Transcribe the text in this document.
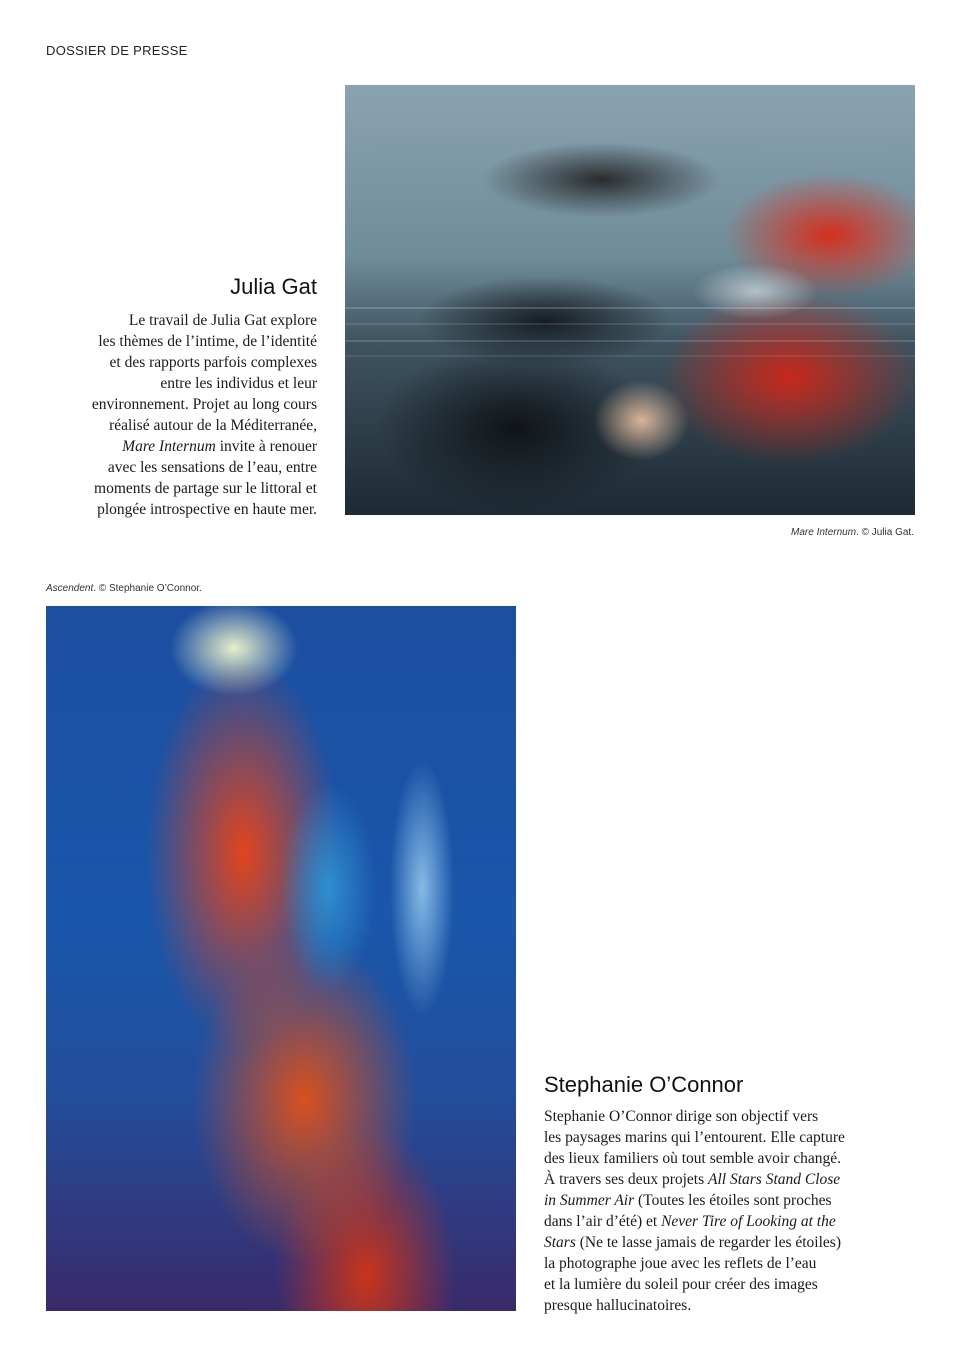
DOSSIER DE PRESSE
Mare Internum. © Julia Gat.
Julia Gat

Le travail de Julia Gat explore
les thèmes de l’intime, de l’identité
et des rapports parfois complexes
entre les individus et leur
environnement. Projet au long cours
réalisé autour de la Méditerranée,
Mare Internum invite à renouer
avec les sensations de l’eau, entre
moments de partage sur le littoral et
plongée introspective en haute mer.

Ascendent. © Stephanie O’Connor.
Stephanie O’Connor

Stephanie O’Connor dirige son objectif vers
les paysages marins qui l’entourent. Elle capture
des lieux familiers où tout semble avoir changé.
À travers ses deux projets All Stars Stand Close
in Summer Air (Toutes les étoiles sont proches
dans l’air d’été) et Never Tire of Looking at the
Stars (Ne te lasse jamais de regarder les étoiles)
la photographe joue avec les reflets de l’eau
et la lumière du soleil pour créer des images
presque hallucinatoires.
